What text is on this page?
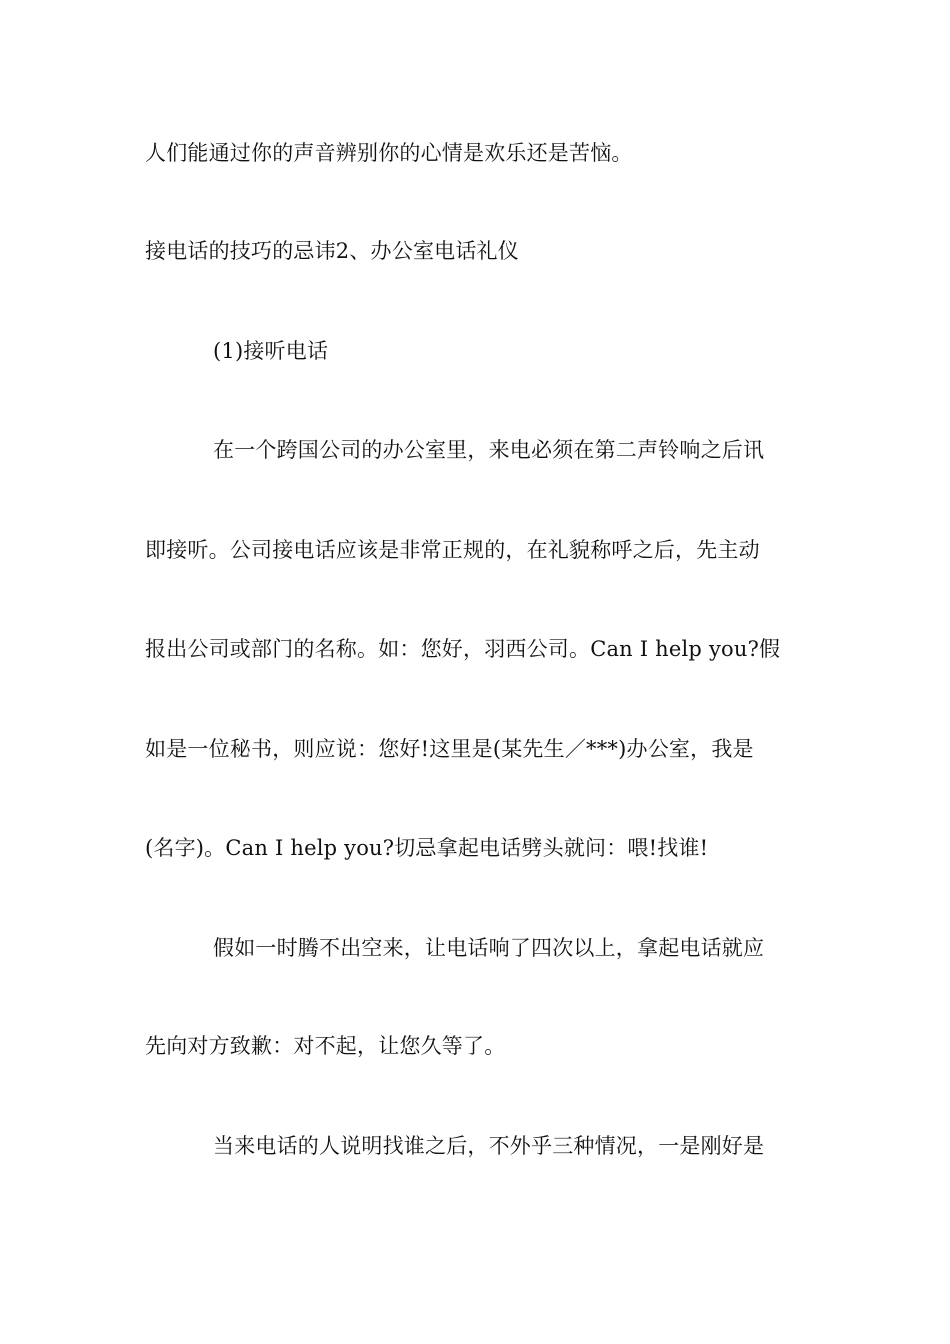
人们能通过你的声音辨别你的心情是欢乐还是苦恼。
接电话的技巧的忌讳2、办公室电话礼仪
(1)接听电话
在一个跨国公司的办公室里，来电必须在第二声铃响之后讯
即接听。公司接电话应该是非常正规的，在礼貌称呼之后，先主动
报出公司或部门的名称。如：您好，羽西公司。Can I help you?假
如是一位秘书，则应说：您好!这里是(某先生／***)办公室，我是
(名字)。Can I help you?切忌拿起电话劈头就问：喂!找谁!
假如一时腾不出空来，让电话响了四次以上，拿起电话就应
先向对方致歉：对不起，让您久等了。
当来电话的人说明找谁之后，不外乎三种情况，一是刚好是
